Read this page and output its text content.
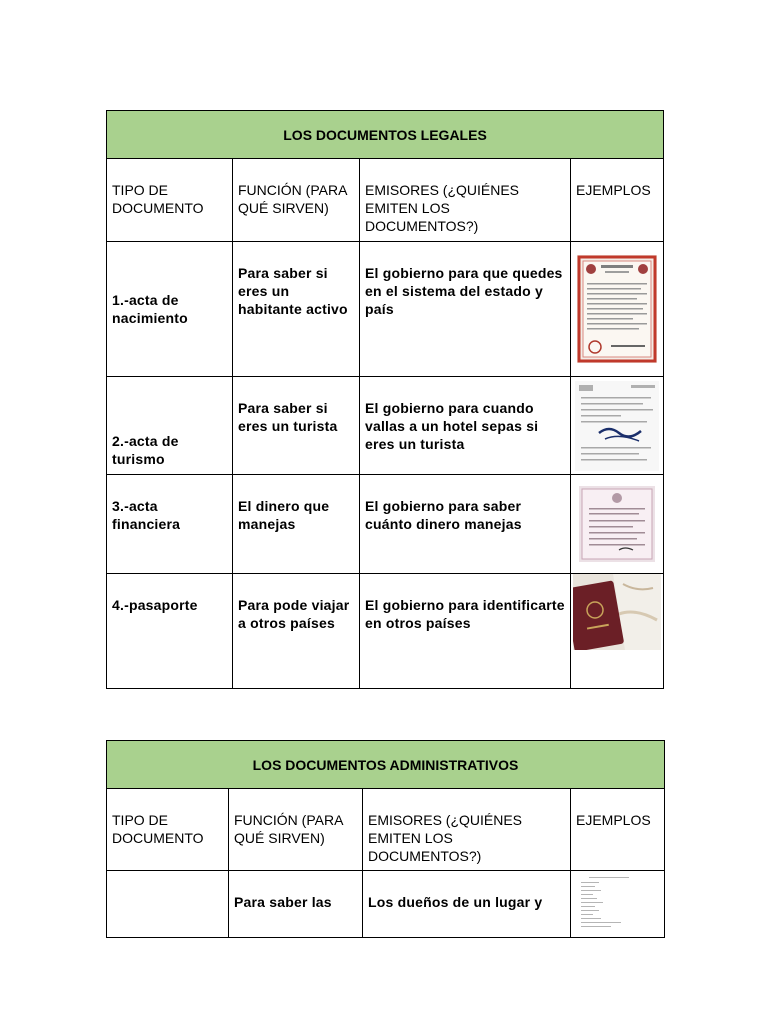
LOS DOCUMENTOS LEGALES			
TIPO DE DOCUMENTO	FUNCIÓN (PARA QUÉ SIRVEN)	EMISORES (¿QUIÉNES EMITEN LOS DOCUMENTOS?)	EJEMPLOS
1.-acta de nacimiento	Para saber si eres un habitante activo	El gobierno para que quedes en el sistema del estado y país	

2.-acta de turismo	Para saber si eres un turista	El gobierno para cuando vallas a un hotel sepas si eres un turista	

3.-acta financiera	El dinero que manejas	El gobierno para saber cuánto dinero manejas	

4.-pasaporte	Para pode viajar a otros países	El gobierno para identificarte en otros países	
LOS DOCUMENTOS ADMINISTRATIVOS			
TIPO DE DOCUMENTO	FUNCIÓN (PARA QUÉ SIRVEN)	EMISORES (¿QUIÉNES EMITEN LOS DOCUMENTOS?)	EJEMPLOS
	Para saber las	Los dueños de un lugar y	
